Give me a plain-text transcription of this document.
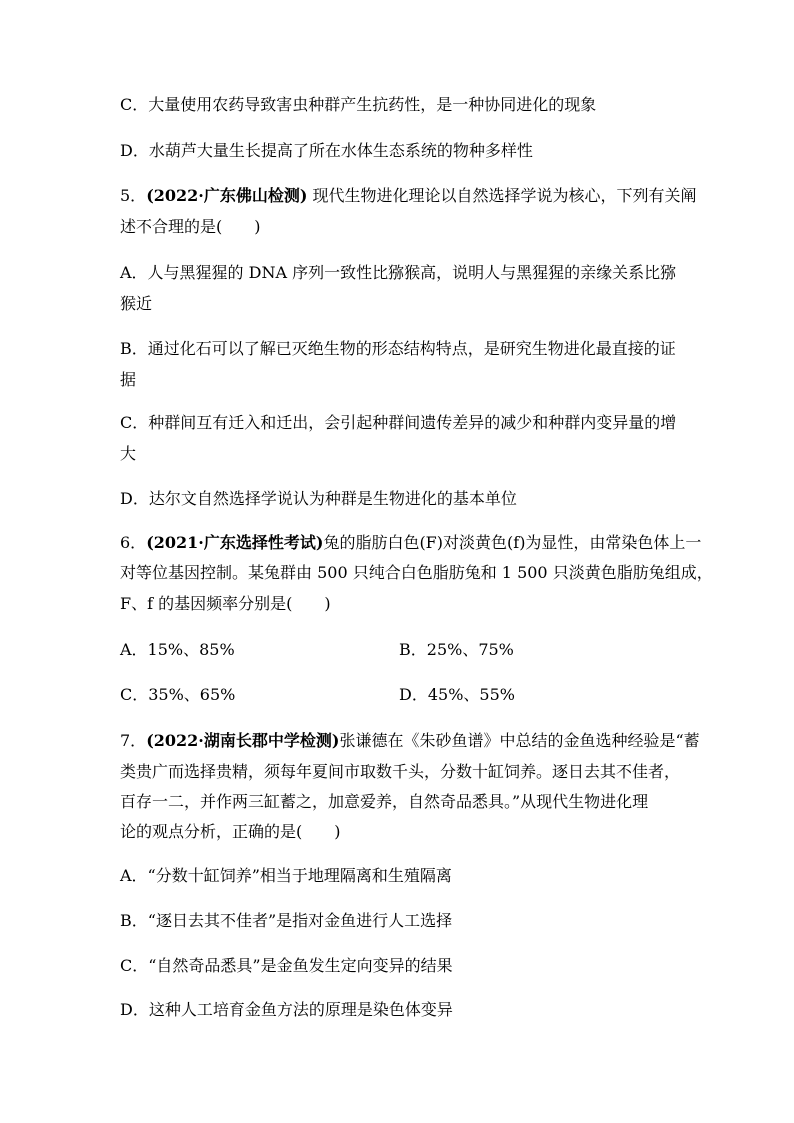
C．大量使用农药导致害虫种群产生抗药性，是一种协同进化的现象
D．水葫芦大量生长提高了所在水体生态系统的物种多样性
5．(2022·广东佛山检测) 现代生物进化理论以自然选择学说为核心，下列有关阐
述不合理的是(　　)
A．人与黑猩猩的 DNA 序列一致性比猕猴高，说明人与黑猩猩的亲缘关系比猕
猴近
B．通过化石可以了解已灭绝生物的形态结构特点，是研究生物进化最直接的证
据
C．种群间互有迁入和迁出，会引起种群间遗传差异的减少和种群内变异量的增
大
D．达尔文自然选择学说认为种群是生物进化的基本单位
6．(2021·广东选择性考试)兔的脂肪白色(F)对淡黄色(f)为显性，由常染色体上一
对等位基因控制。某兔群由 500 只纯合白色脂肪兔和 1 500 只淡黄色脂肪兔组成，
F、f 的基因频率分别是(　　)
A．15%、85%	B．25%、75%
C．35%、65%	D．45%、55%
7．(2022·湖南长郡中学检测)张谦德在《朱砂鱼谱》中总结的金鱼选种经验是“蓄
类贵广而选择贵精，须每年夏间市取数千头，分数十缸饲养。逐日去其不佳者，
百存一二，并作两三缸蓄之，加意爱养，自然奇品悉具。”从现代生物进化理
论的观点分析，正确的是(　　)
A．“分数十缸饲养”相当于地理隔离和生殖隔离
B．“逐日去其不佳者”是指对金鱼进行人工选择
C．“自然奇品悉具”是金鱼发生定向变异的结果
D．这种人工培育金鱼方法的原理是染色体变异
